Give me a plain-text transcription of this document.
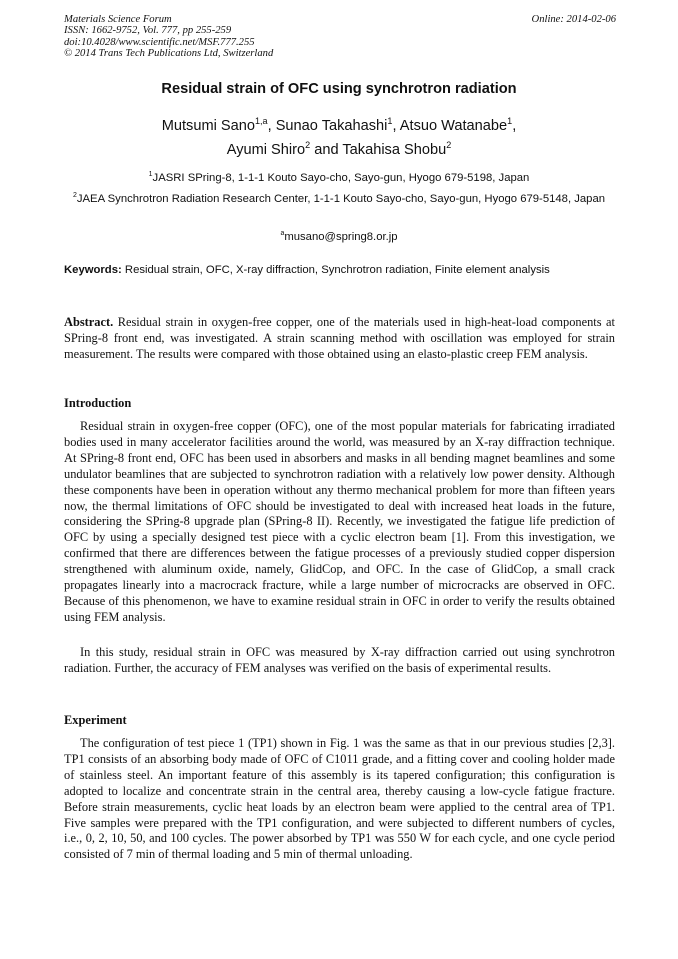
Materials Science Forum
ISSN: 1662-9752, Vol. 777, pp 255-259
doi:10.4028/www.scientific.net/MSF.777.255
© 2014 Trans Tech Publications Ltd, Switzerland
Online: 2014-02-06
Residual strain of OFC using synchrotron radiation
Mutsumi Sano$^{1,a}$, Sunao Takahashi$^1$, Atsuo Watanabe$^1$,
Ayumi Shiro$^2$ and Takahisa Shobu$^2$
$^1$JASRI SPring-8, 1-1-1 Kouto Sayo-cho, Sayo-gun, Hyogo 679-5198, Japan
$^2$JAEA Synchrotron Radiation Research Center, 1-1-1 Kouto Sayo-cho, Sayo-gun, Hyogo 679-5148, Japan
$^a$musano@spring8.or.jp
Keywords: Residual strain, OFC, X-ray diffraction, Synchrotron radiation, Finite element analysis
Abstract. Residual strain in oxygen-free copper, one of the materials used in high-heat-load components at SPring-8 front end, was investigated. A strain scanning method with oscillation was employed for strain measurement. The results were compared with those obtained using an elasto-plastic creep FEM analysis.
Introduction
Residual strain in oxygen-free copper (OFC), one of the most popular materials for fabricating irradiated bodies used in many accelerator facilities around the world, was measured by an X-ray diffraction technique. At SPring-8 front end, OFC has been used in absorbers and masks in all bending magnet beamlines and some undulator beamlines that are subjected to synchrotron radiation with a relatively low power density. Although these components have been in operation without any thermo mechanical problem for more than fifteen years now, the thermal limitations of OFC should be investigated to deal with increased heat loads in the future, considering the SPring-8 upgrade plan (SPring-8 II). Recently, we investigated the fatigue life prediction of OFC by using a specially designed test piece with a cyclic electron beam [1]. From this investigation, we confirmed that there are differences between the fatigue processes of a previously studied copper dispersion strengthened with aluminum oxide, namely, GlidCop, and OFC. In the case of GlidCop, a small crack propagates linearly into a macrocrack fracture, while a large number of microcracks are observed in OFC. Because of this phenomenon, we have to examine residual strain in OFC in order to verify the results obtained using FEM analysis.
In this study, residual strain in OFC was measured by X-ray diffraction carried out using synchrotron radiation. Further, the accuracy of FEM analyses was verified on the basis of experimental results.
Experiment
The configuration of test piece 1 (TP1) shown in Fig. 1 was the same as that in our previous studies [2,3]. TP1 consists of an absorbing body made of OFC of C1011 grade, and a fitting cover and cooling holder made of stainless steel. An important feature of this assembly is its tapered configuration; this configuration is adopted to localize and concentrate strain in the central area, thereby causing a low-cycle fatigue fracture. Before strain measurements, cyclic heat loads by an electron beam were applied to the central area of TP1. Five samples were prepared with the TP1 configuration, and were subjected to different numbers of cycles, i.e., 0, 2, 10, 50, and 100 cycles. The power absorbed by TP1 was 550 W for each cycle, and one cycle period consisted of 7 min of thermal loading and 5 min of thermal unloading.
